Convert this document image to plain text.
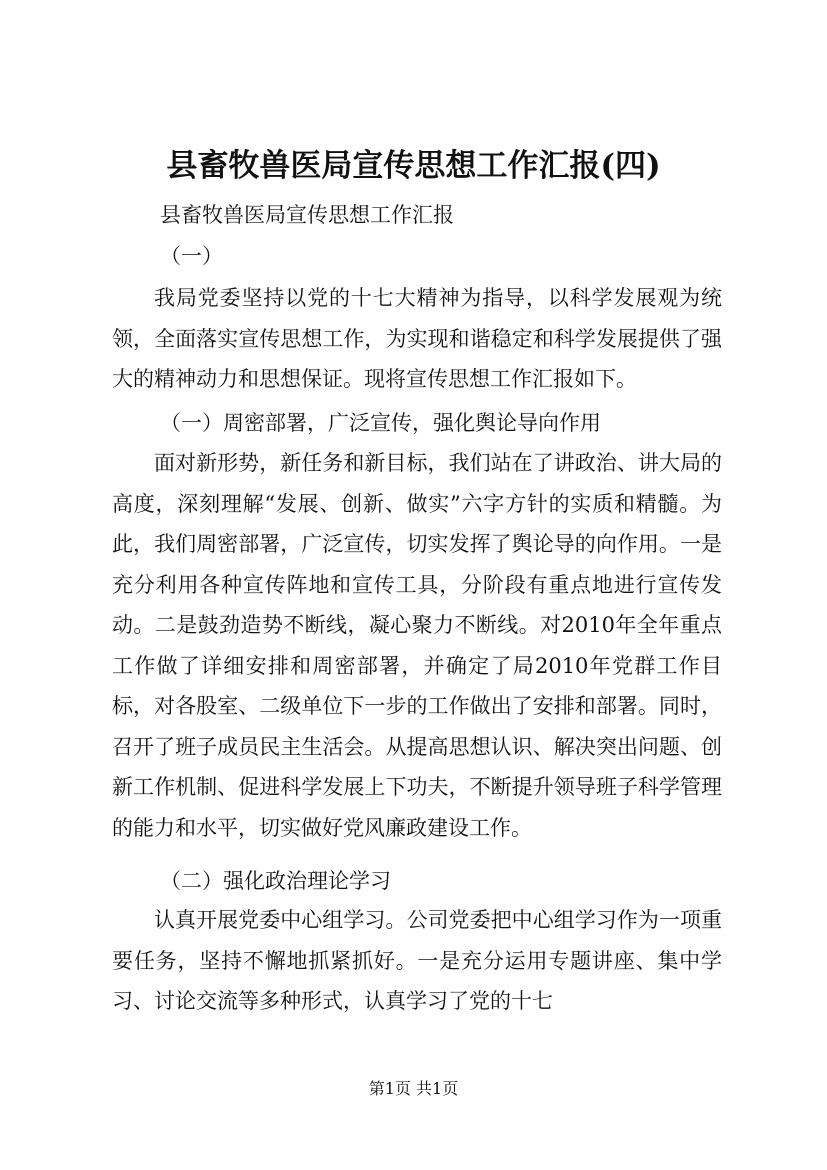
县畜牧兽医局宣传思想工作汇报(四)
县畜牧兽医局宣传思想工作汇报
（一）

我局党委坚持以党的十七大精神为指导，以科学发展观为统领，全面落实宣传思想工作，为实现和谐稳定和科学发展提供了强大的精神动力和思想保证。现将宣传思想工作汇报如下。

（一）周密部署，广泛宣传，强化舆论导向作用

面对新形势，新任务和新目标，我们站在了讲政治、讲大局的高度，深刻理解“发展、创新、做实”六字方针的实质和精髓。为此，我们周密部署，广泛宣传，切实发挥了舆论导的向作用。一是充分利用各种宣传阵地和宣传工具，分阶段有重点地进行宣传发动。二是鼓劲造势不断线，凝心聚力不断线。对2010年全年重点工作做了详细安排和周密部署，并确定了局2010年党群工作目标，对各股室、二级单位下一步的工作做出了安排和部署。同时，召开了班子成员民主生活会。从提高思想认识、解决突出问题、创新工作机制、促进科学发展上下功夫，不断提升领导班子科学管理的能力和水平，切实做好党风廉政建设工作。

（二）强化政治理论学习

认真开展党委中心组学习。公司党委把中心组学习作为一项重要任务，坚持不懈地抓紧抓好。一是充分运用专题讲座、集中学习、讨论交流等多种形式，认真学习了党的十七

第1页 共1页
